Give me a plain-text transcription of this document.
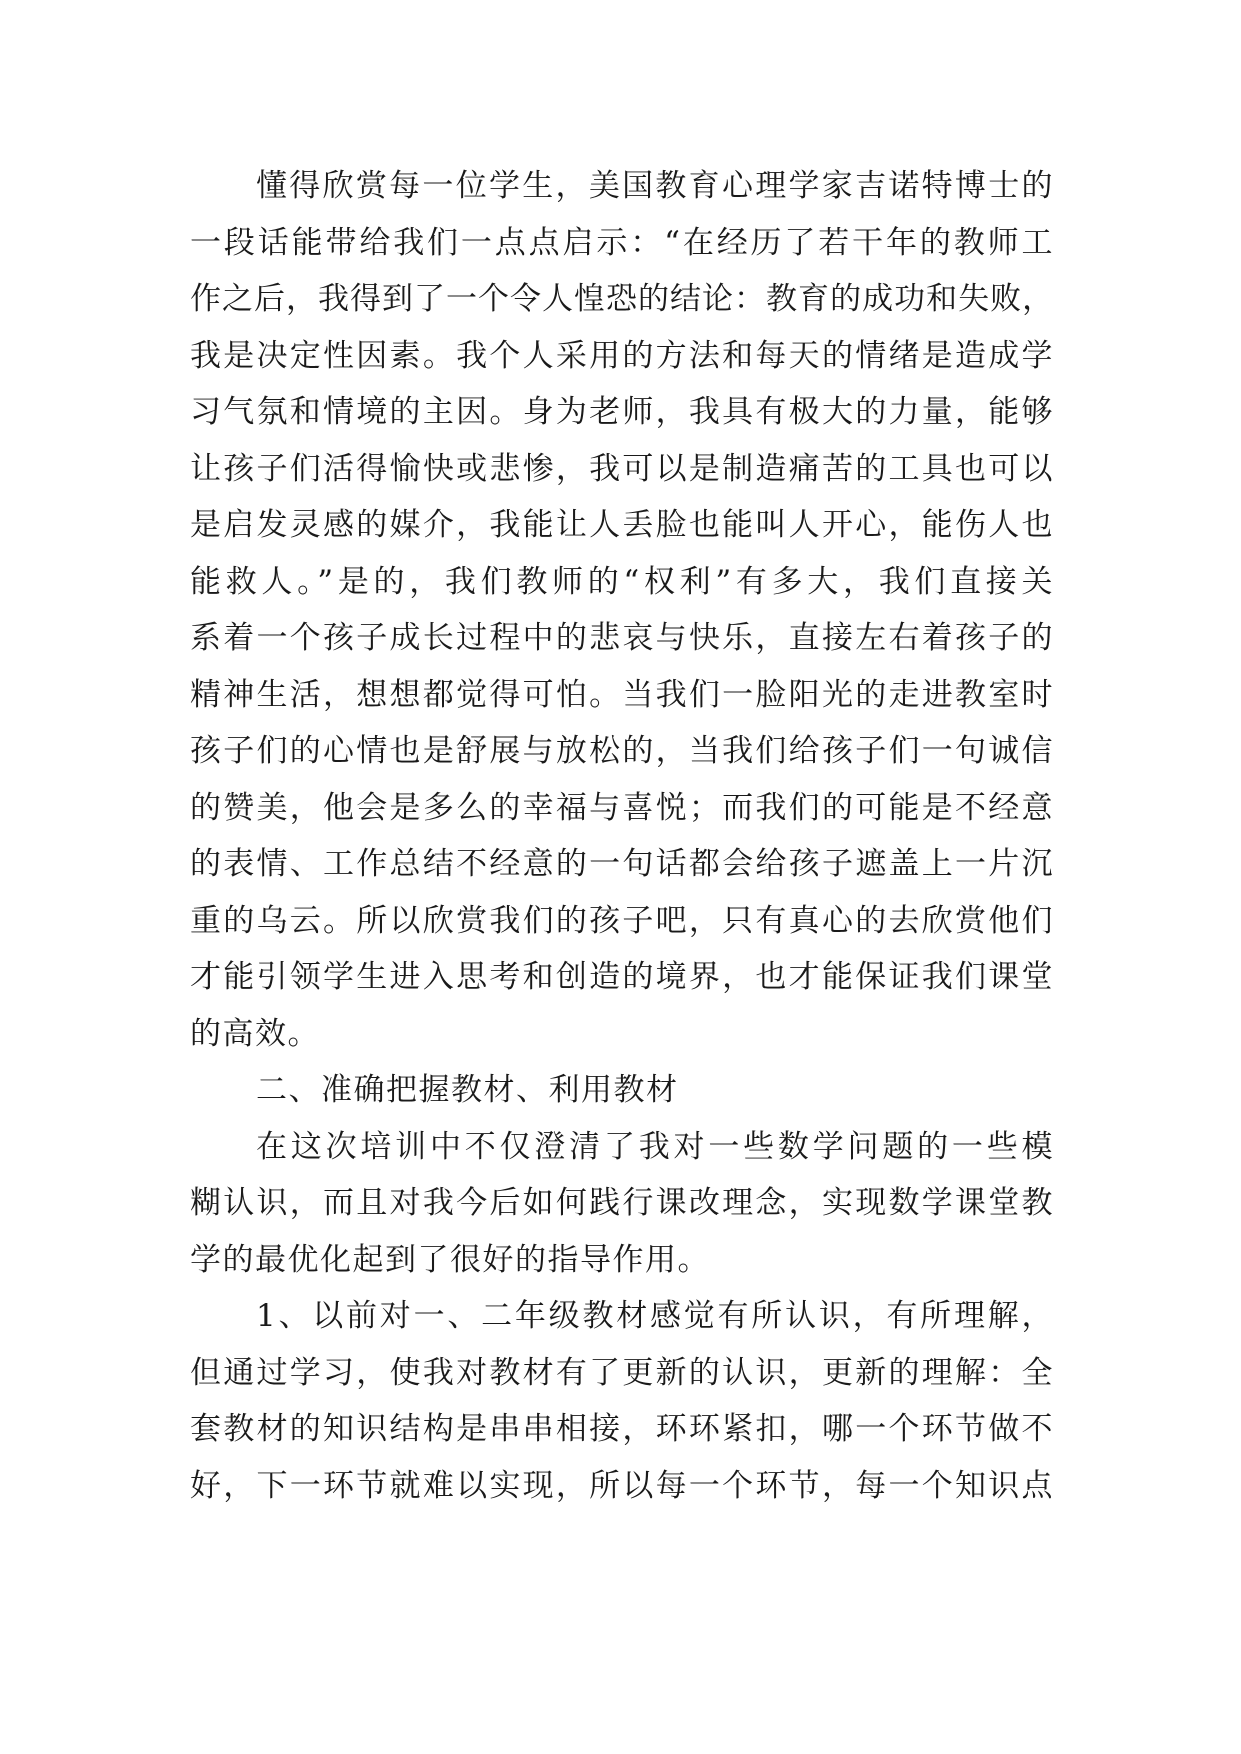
懂得欣赏每一位学生，美国教育心理学家吉诺特博士的
一段话能带给我们一点点启示：“在经历了若干年的教师工
作之后，我得到了一个令人惶恐的结论：教育的成功和失败，
我是决定性因素。我个人采用的方法和每天的情绪是造成学
习气氛和情境的主因。身为老师，我具有极大的力量，能够
让孩子们活得愉快或悲惨，我可以是制造痛苦的工具也可以
是启发灵感的媒介，我能让人丢脸也能叫人开心，能伤人也
能救人。”是的，我们教师的“权利”有多大，我们直接关
系着一个孩子成长过程中的悲哀与快乐，直接左右着孩子的
精神生活，想想都觉得可怕。当我们一脸阳光的走进教室时
孩子们的心情也是舒展与放松的，当我们给孩子们一句诚信
的赞美，他会是多么的幸福与喜悦；而我们的可能是不经意
的表情、工作总结不经意的一句话都会给孩子遮盖上一片沉
重的乌云。所以欣赏我们的孩子吧，只有真心的去欣赏他们
才能引领学生进入思考和创造的境界，也才能保证我们课堂
的高效。
二、准确把握教材、利用教材
在这次培训中不仅澄清了我对一些数学问题的一些模
糊认识，而且对我今后如何践行课改理念，实现数学课堂教
学的最优化起到了很好的指导作用。
1、以前对一、二年级教材感觉有所认识，有所理解，
但通过学习，使我对教材有了更新的认识，更新的理解：全
套教材的知识结构是串串相接，环环紧扣，哪一个环节做不
好，下一环节就难以实现，所以每一个环节，每一个知识点
